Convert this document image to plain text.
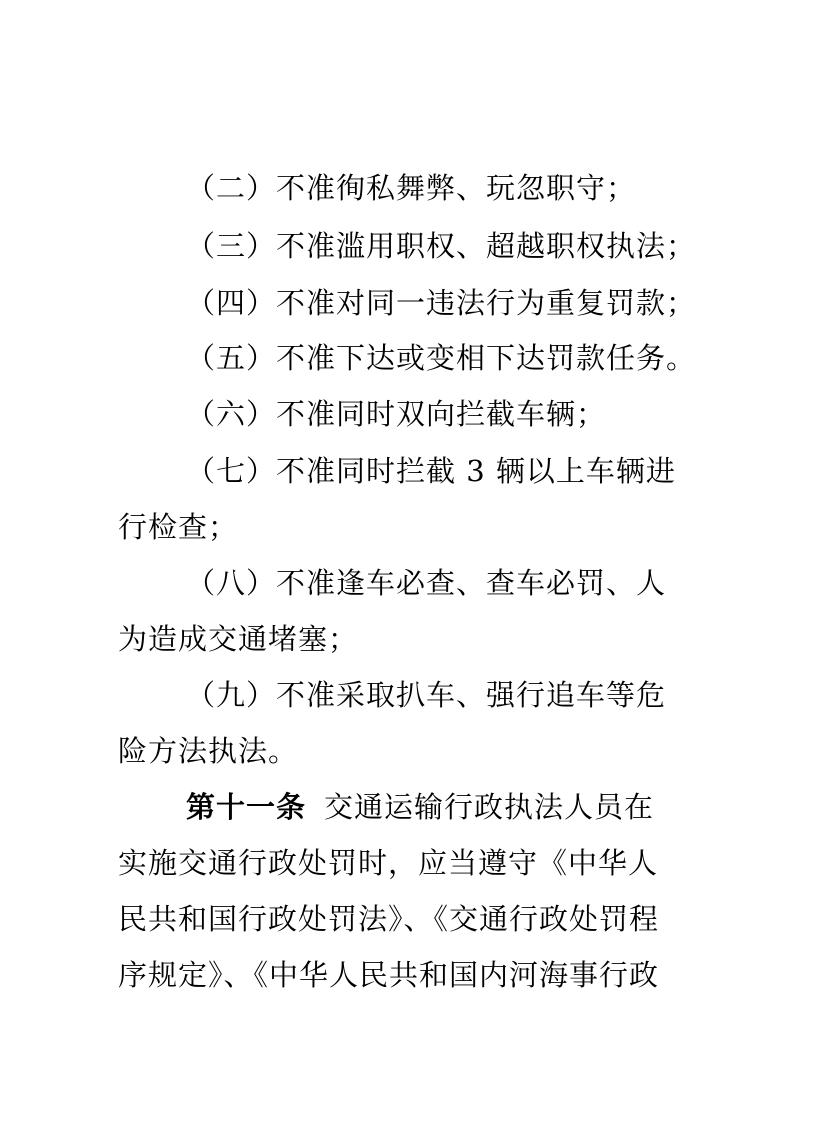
（二）不准徇私舞弊、玩忽职守；
（三）不准滥用职权、超越职权执法；
（四）不准对同一违法行为重复罚款；
（五）不准下达或变相下达罚款任务。
（六）不准同时双向拦截车辆；
（七）不准同时拦截 3 辆以上车辆进
行检查；
（八）不准逢车必查、查车必罚、人
为造成交通堵塞；
（九）不准采取扒车、强行追车等危
险方法执法。
第十一条 交通运输行政执法人员在
实施交通行政处罚时，应当遵守《中华人
民共和国行政处罚法》、《交通行政处罚程
序规定》、《中华人民共和国内河海事行政
